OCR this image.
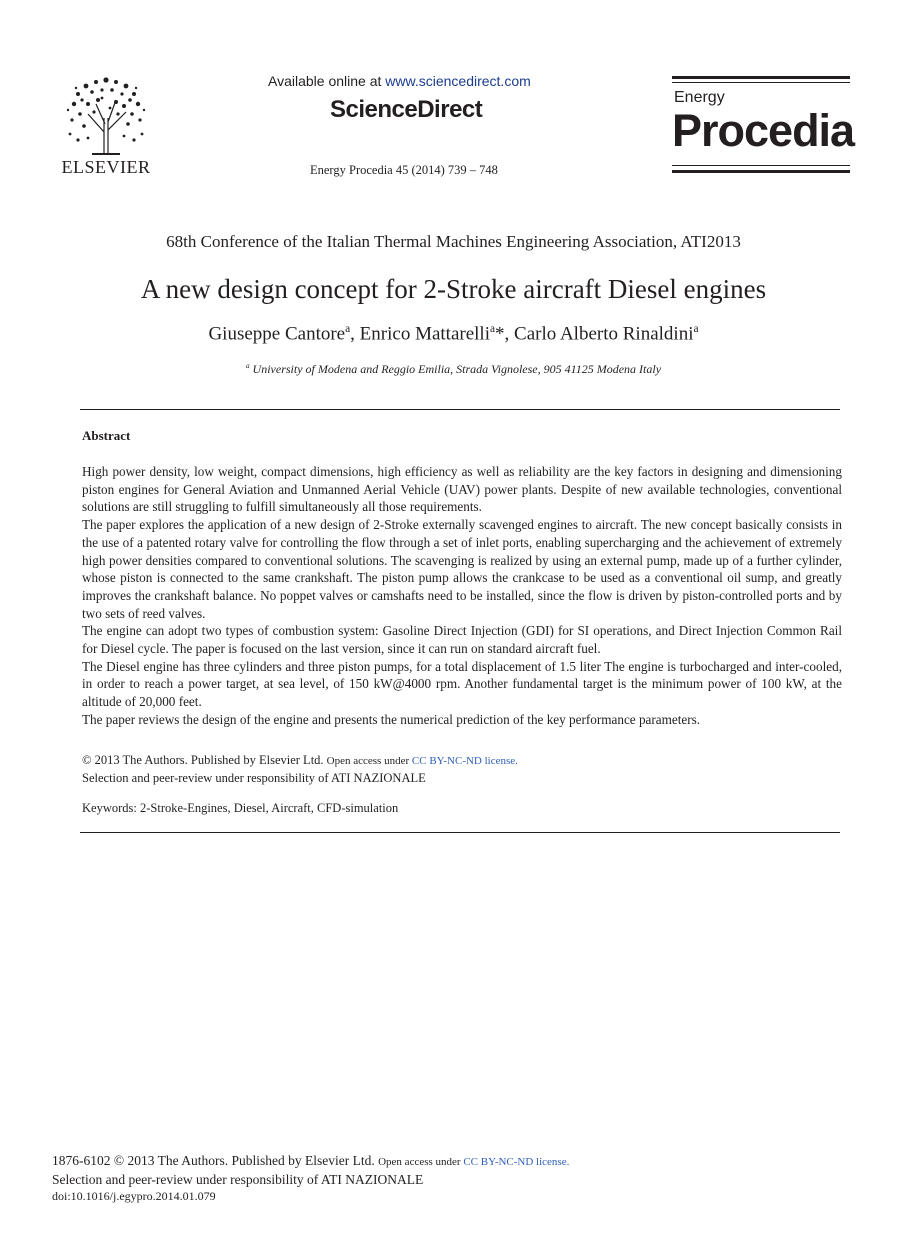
ELSEVIER
Available online at www.sciencedirect.com
ScienceDirect
Energy Procedia 45 (2014) 739 – 748
Energy
Procedia
68th Conference of the Italian Thermal Machines Engineering Association, ATI2013
A new design concept for 2-Stroke aircraft Diesel engines
Giuseppe Cantore$^a$, Enrico Mattarelli$^a$*, Carlo Alberto Rinaldini$^a$
$^a$ University of Modena and Reggio Emilia, Strada Vignolese, 905 41125 Modena Italy
Abstract

High power density, low weight, compact dimensions, high efficiency as well as reliability are the key factors in designing and dimensioning piston engines for General Aviation and Unmanned Aerial Vehicle (UAV) power plants. Despite of new available technologies, conventional solutions are still struggling to fulfill simultaneously all those requirements.

The paper explores the application of a new design of 2-Stroke externally scavenged engines to aircraft. The new concept basically consists in the use of a patented rotary valve for controlling the flow through a set of inlet ports, enabling supercharging and the achievement of extremely high power densities compared to conventional solutions. The scavenging is realized by using an external pump, made up of a further cylinder, whose piston is connected to the same crankshaft. The piston pump allows the crankcase to be used as a conventional oil sump, and greatly improves the crankshaft balance. No poppet valves or camshafts need to be installed, since the flow is driven by piston-controlled ports and by two sets of reed valves.

The engine can adopt two types of combustion system: Gasoline Direct Injection (GDI) for SI operations, and Direct Injection Common Rail for Diesel cycle. The paper is focused on the last version, since it can run on standard aircraft fuel.

The Diesel engine has three cylinders and three piston pumps, for a total displacement of 1.5 liter The engine is turbocharged and inter-cooled, in order to reach a power target, at sea level, of 150 kW@4000 rpm. Another fundamental target is the minimum power of 100 kW, at the altitude of 20,000 feet.

The paper reviews the design of the engine and presents the numerical prediction of the key performance parameters.

© 2013 The Authors. Published by Elsevier Ltd. Open access under CC BY-NC-ND license.
Selection and peer-review under responsibility of ATI NAZIONALE
Keywords: 2-Stroke-Engines, Diesel, Aircraft, CFD-simulation
1876-6102 © 2013 The Authors. Published by Elsevier Ltd. Open access under CC BY-NC-ND license.
Selection and peer-review under responsibility of ATI NAZIONALE
doi:10.1016/j.egypro.2014.01.079
